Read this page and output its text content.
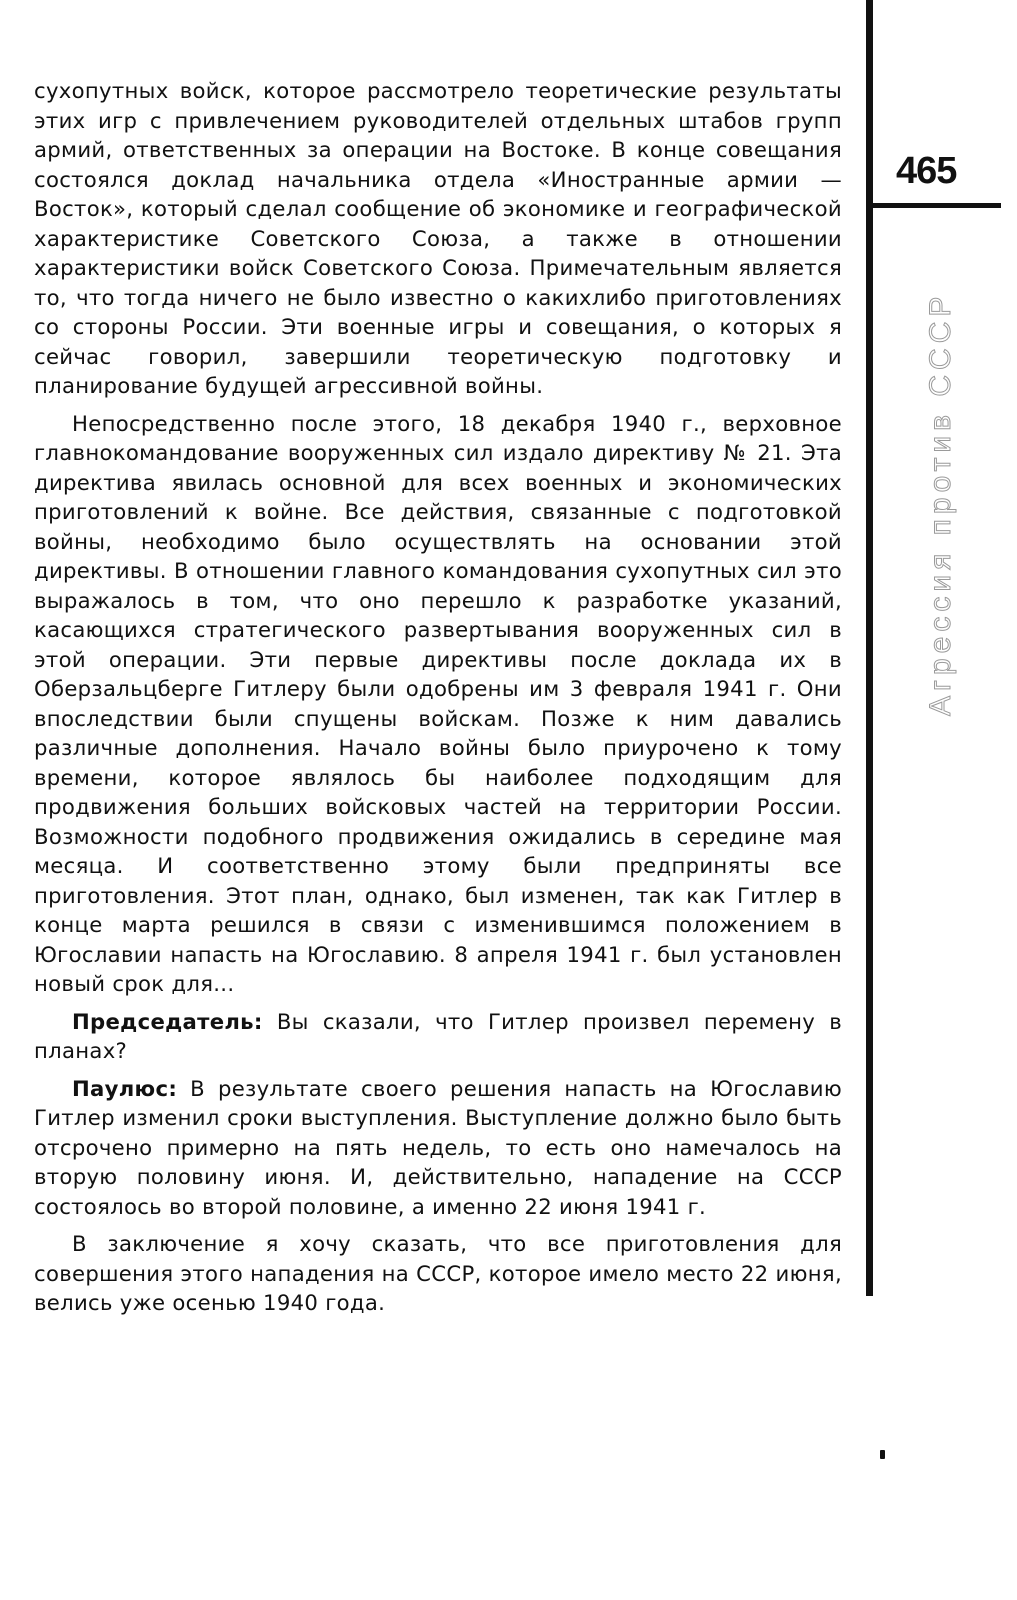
465
Агрессия против СССР

сухопутных войск, которое рассмотрело теоретические результаты этих игр с привлечением руководителей отдельных штабов групп армий, ответственных за операции на Востоке. В конце совещания состоялся доклад начальника отдела «Иностранные армии — Восток», который сделал сообщение об экономике и географической характеристике Советского Союза, а также в отношении характеристики войск Советского Союза. Примечательным является то, что тогда ничего не было известно о какихлибо приготовлениях со стороны России. Эти военные игры и совещания, о которых я сейчас говорил, завершили теоретическую подготовку и планирование будущей агрессивной войны.

Непосредственно после этого, 18 декабря 1940 г., верховное главнокомандование вооруженных сил издало директиву № 21. Эта директива явилась основной для всех военных и экономических приготовлений к войне. Все действия, связанные с подготовкой войны, необходимо было осуществлять на основании этой директивы. В отношении главного командования сухопутных сил это выражалось в том, что оно перешло к разработке указаний, касающихся стратегического развертывания вооруженных сил в этой операции. Эти первые директивы после доклада их в Оберзальцберге Гитлеру были одобрены им 3 февраля 1941 г. Они впоследствии были спущены войскам. Позже к ним давались различные дополнения. Начало войны было приурочено к тому времени, которое являлось бы наиболее подходящим для продвижения больших войсковых частей на территории России. Возможности подобного продвижения ожидались в середине мая месяца. И соответственно этому были предприняты все приготовления. Этот план, однако, был изменен, так как Гитлер в конце марта решился в связи с изменившимся положением в Югославии напасть на Югославию. 8 апреля 1941 г. был установлен новый срок для...

Председатель: Вы сказали, что Гитлер произвел перемену в планах?

Паулюс: В результате своего решения напасть на Югославию Гитлер изменил сроки выступления. Выступление должно было быть отсрочено примерно на пять недель, то есть оно намечалось на вторую половину июня. И, действительно, нападение на СССР состоялось во второй половине, а именно 22 июня 1941 г.

В заключение я хочу сказать, что все приготовления для совершения этого нападения на СССР, которое имело место 22 июня, велись уже осенью 1940 года.
